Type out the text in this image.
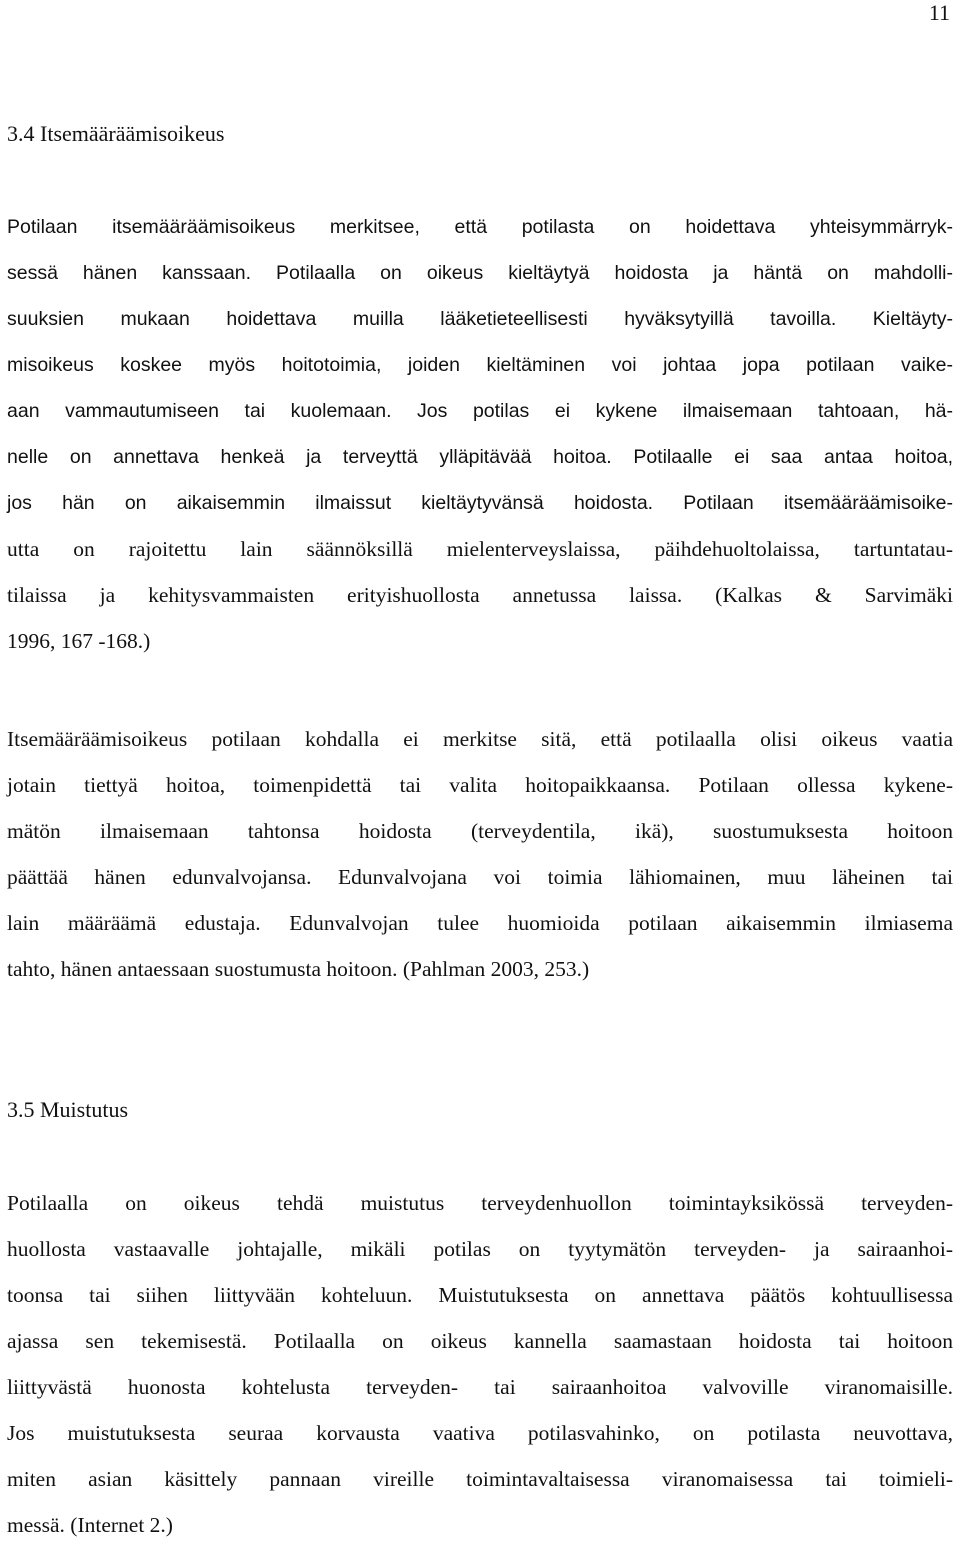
11
3.4 Itsemääräämisoikeus
Potilaan itsemääräämisoikeus merkitsee, että potilasta on hoidettava yhteisymmärryk-
sessä hänen kanssaan. Potilaalla on oikeus kieltäytyä hoidosta ja häntä on mahdolli-
suuksien mukaan hoidettava muilla lääketieteellisesti hyväksytyillä tavoilla. Kieltäyty-
misoikeus koskee myös hoitotoimia, joiden kieltäminen voi johtaa jopa potilaan vaike-
aan vammautumiseen tai kuolemaan. Jos potilas ei kykene ilmaisemaan tahtoaan, hä-
nelle on annettava henkeä ja terveyttä ylläpitävää hoitoa. Potilaalle ei saa antaa hoitoa,
jos hän on aikaisemmin ilmaissut kieltäytyvänsä hoidosta. Potilaan itsemääräämisoike-
utta on rajoitettu lain säännöksillä mielenterveyslaissa, päihdehuoltolaissa, tartuntatau-
tilaissa ja kehitysvammaisten erityishuollosta annetussa laissa. (Kalkas & Sarvimäki
1996, 167 -168.)
Itsemääräämisoikeus potilaan kohdalla ei merkitse sitä, että potilaalla olisi oikeus vaatia
jotain tiettyä hoitoa, toimenpidettä tai valita hoitopaikkaansa. Potilaan ollessa kykene-
mätön ilmaisemaan tahtonsa hoidosta (terveydentila, ikä), suostumuksesta hoitoon
päättää hänen edunvalvojansa. Edunvalvojana voi toimia lähiomainen, muu läheinen tai
lain määräämä edustaja. Edunvalvojan tulee huomioida potilaan aikaisemmin ilmiasema
tahto, hänen antaessaan suostumusta hoitoon. (Pahlman 2003, 253.)
3.5 Muistutus
Potilaalla on oikeus tehdä muistutus terveydenhuollon toimintayksikössä terveyden-
huollosta vastaavalle johtajalle, mikäli potilas on tyytymätön terveyden- ja sairaanhoi-
toonsa tai siihen liittyvään kohteluun. Muistutuksesta on annettava päätös kohtuullisessa
ajassa sen tekemisestä. Potilaalla on oikeus kannella saamastaan hoidosta tai hoitoon
liittyvästä huonosta kohtelusta terveyden- tai sairaanhoitoa valvoville viranomaisille.
Jos muistutuksesta seuraa korvausta vaativa potilasvahinko, on potilasta neuvottava,
miten asian käsittely pannaan vireille toimintavaltaisessa viranomaisessa tai toimieli-
messä. (Internet 2.)
